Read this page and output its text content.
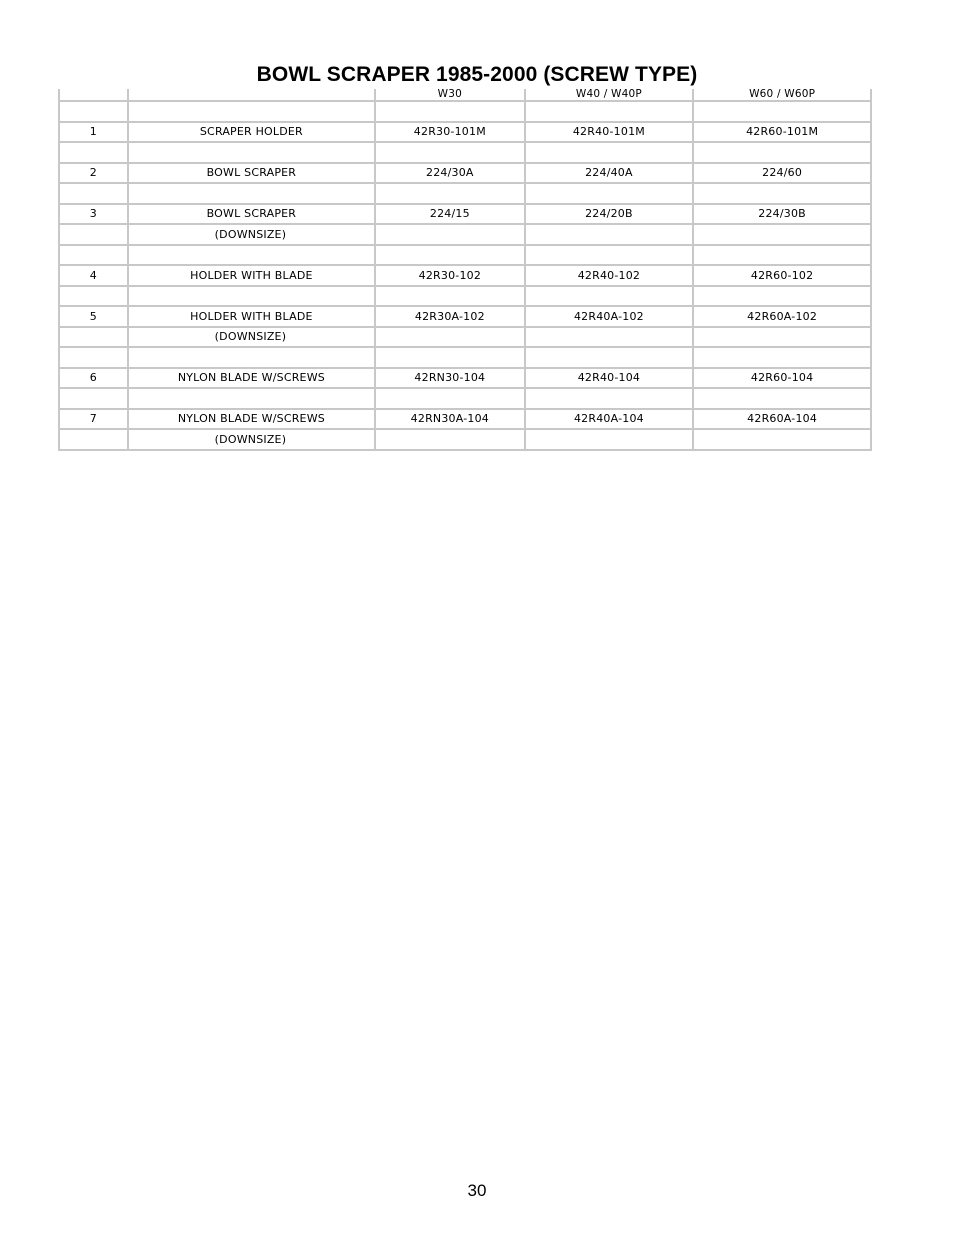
BOWL SCRAPER 1985-2000 (SCREW TYPE)
		W30	W40 / W40P	W60 / W60P

1	SCRAPER HOLDER	42R30-101M	42R40-101M	42R60-101M

2	BOWL SCRAPER	224/30A	224/40A	224/60

3	BOWL SCRAPER	224/15	224/20B	224/30B
	(DOWNSIZE)			

4	HOLDER WITH BLADE	42R30-102	42R40-102	42R60-102

5	HOLDER WITH BLADE	42R30A-102	42R40A-102	42R60A-102
	(DOWNSIZE)			

6	NYLON BLADE W/SCREWS	42RN30-104	42R40-104	42R60-104

7	NYLON BLADE W/SCREWS	42RN30A-104	42R40A-104	42R60A-104
	(DOWNSIZE)			
30
